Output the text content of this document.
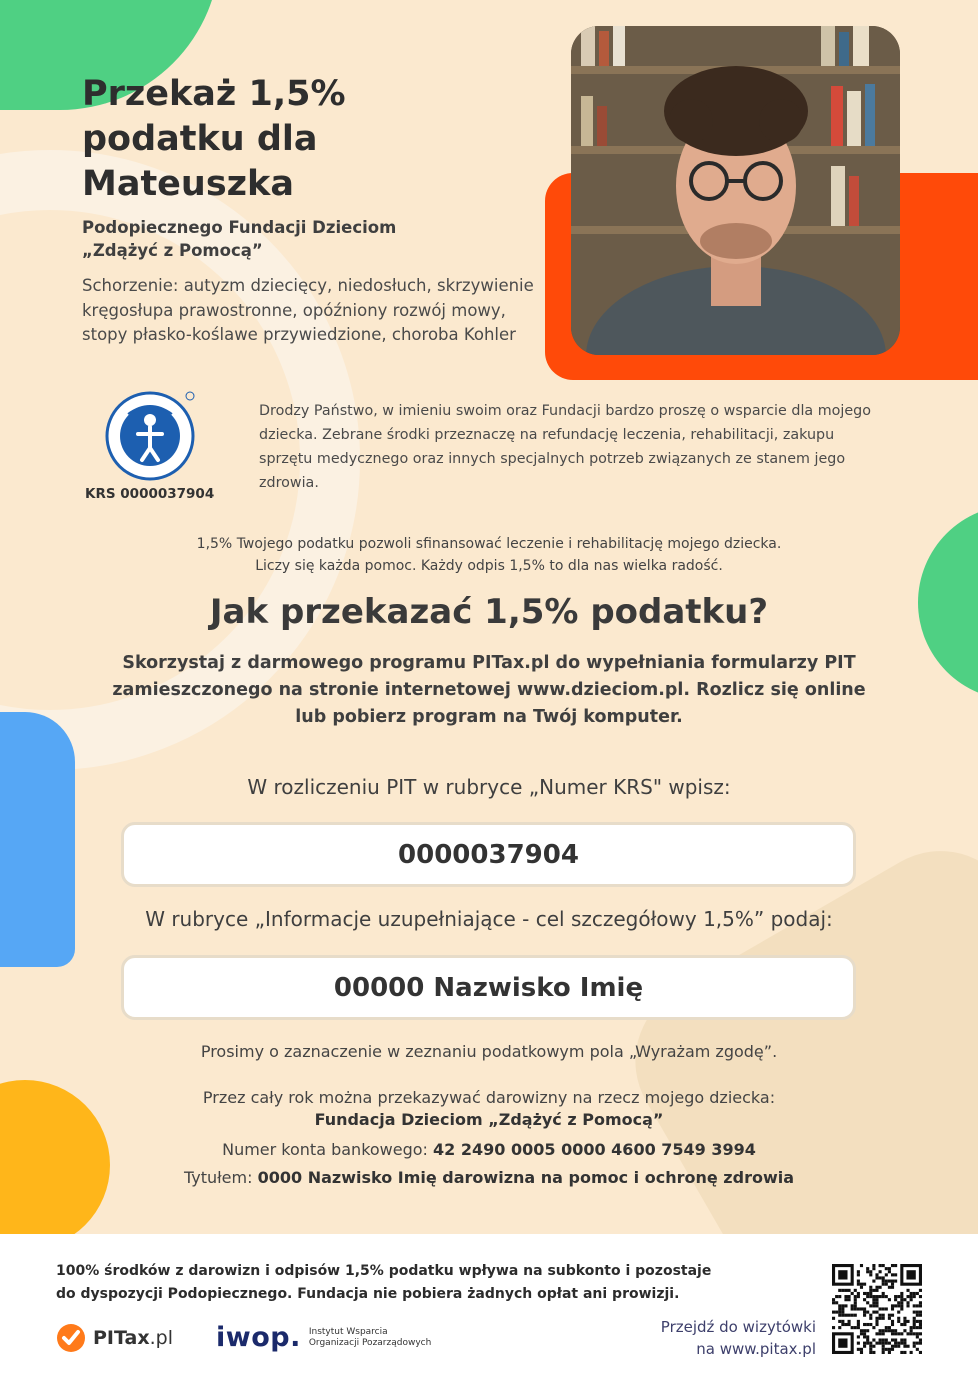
Przekaż 1,5% podatku dla Mateuszka
Podopiecznego Fundacji Dzieciom
„Zdążyć z Pomocą”

Schorzenie: autyzm dziecięcy, niedosłuch, skrzywienie kręgosłupa prawostronne, opóźniony rozwój mowy, stopy płasko-koślawe przywiedzione, choroba Kohler

KRS 0000037904

Drodzy Państwo, w imieniu swoim oraz Fundacji bardzo proszę o wsparcie dla mojego dziecka. Zebrane środki przeznaczę na refundację leczenia, rehabilitacji, zakupu sprzętu medycznego oraz innych specjalnych potrzeb związanych ze stanem jego zdrowia.

1,5% Twojego podatku pozwoli sfinansować leczenie i rehabilitację mojego dziecka.
Liczy się każda pomoc. Każdy odpis 1,5% to dla nas wielka radość.
Jak przekazać 1,5% podatku?
Skorzystaj z darmowego programu PITax.pl do wypełniania formularzy PIT
zamieszczonego na stronie internetowej www.dzieciom.pl. Rozlicz się online
lub pobierz program na Twój komputer.
W rozliczeniu PIT w rubryce „Numer KRS" wpisz:
0000037904
W rubryce „Informacje uzupełniające - cel szczegółowy 1,5%” podaj:
00000 Nazwisko Imię
Prosimy o zaznaczenie w zeznaniu podatkowym pola „Wyrażam zgodę”.
Przez cały rok można przekazywać darowizny na rzecz mojego dziecka:
Fundacja Dzieciom „Zdążyć z Pomocą”
Numer konta bankowego: 42 2490 0005 0000 4600 7549 3994
Tytułem: 0000 Nazwisko Imię darowizna na pomoc i ochronę zdrowia
100% środków z darowizn i odpisów 1,5% podatku wpływa na subkonto i pozostaje
do dyspozycji Podopiecznego. Fundacja nie pobiera żadnych opłat ani prowizji.
PITax.pl iwop. Instytut Wsparcia
Organizacji Pozarządowych
Przejdź do wizytówki
na www.pitax.pl
